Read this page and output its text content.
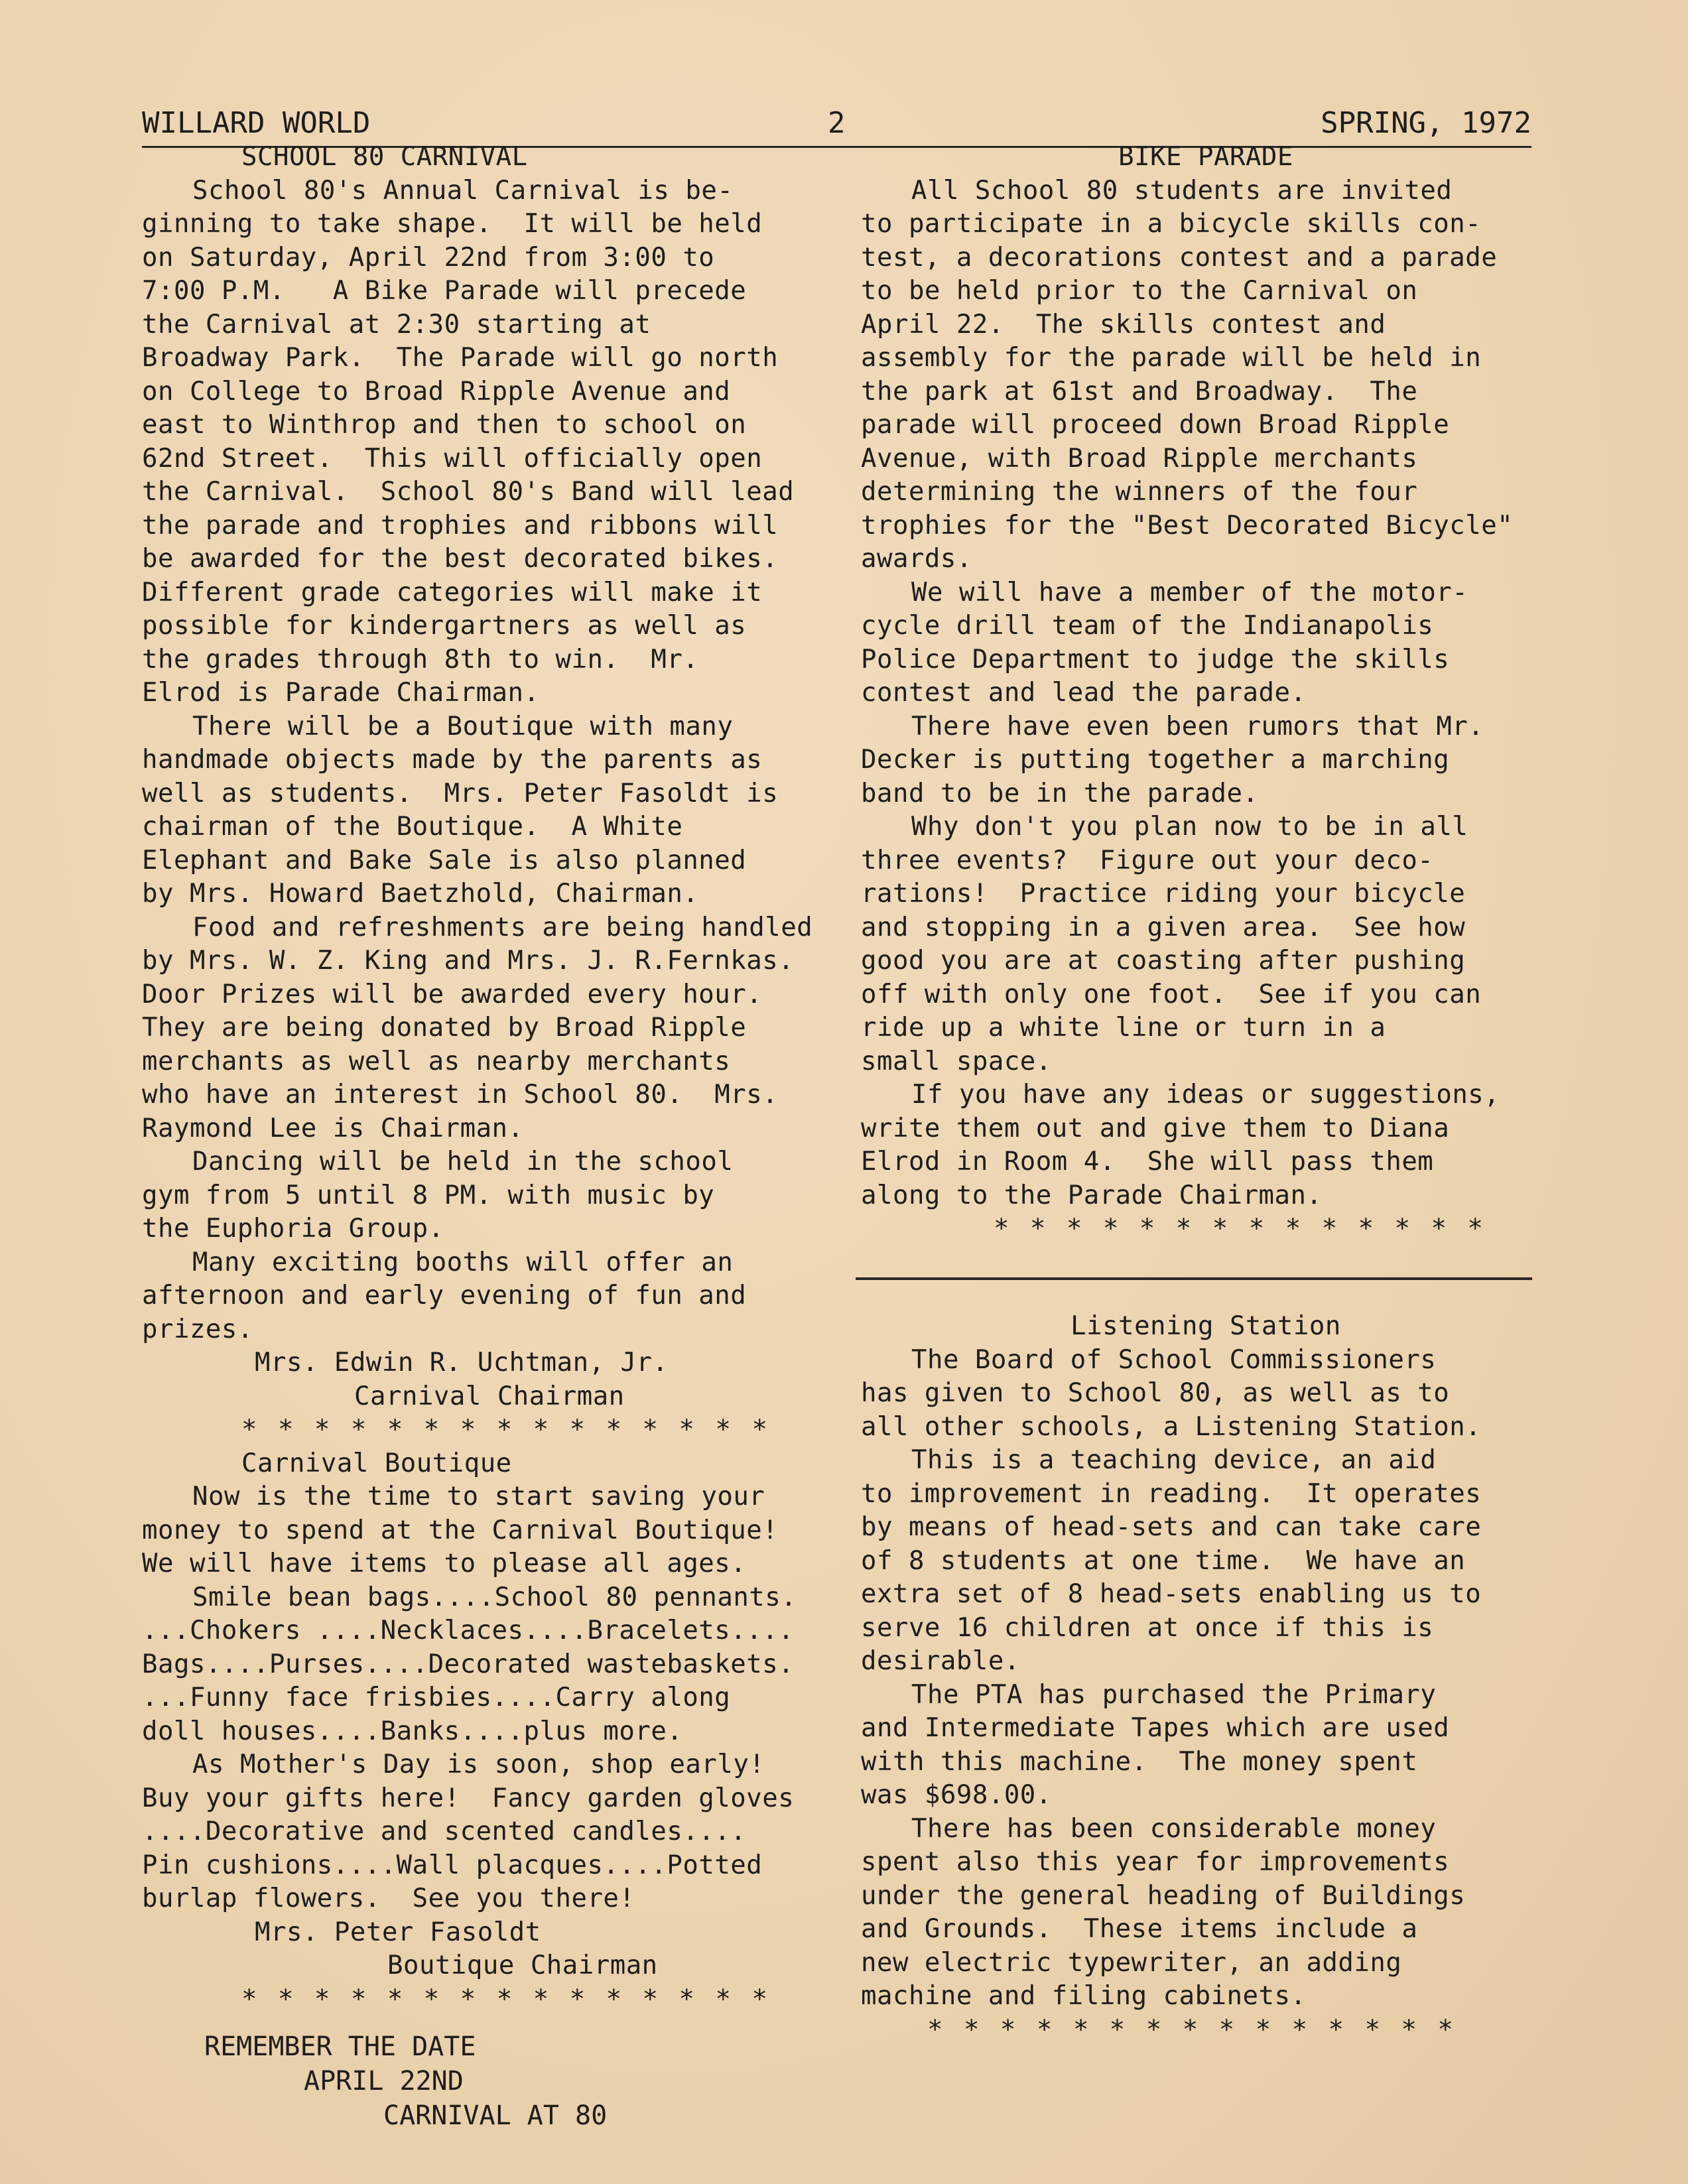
WILLARD WORLD	2	SPRING, 1972
SCHOOL 80 CARNIVAL
School 80's Annual Carnival is be-
ginning to take shape.  It will be held
on Saturday, April 22nd from 3:00 to
7:00 P.M.   A Bike Parade will precede
the Carnival at 2:30 starting at
Broadway Park.  The Parade will go north
on College to Broad Ripple Avenue and
east to Winthrop and then to school on
62nd Street.  This will officially open
the Carnival.  School 80's Band will lead
the parade and trophies and ribbons will
be awarded for the best decorated bikes.
Different grade categories will make it
possible for kindergartners as well as
the grades through 8th to win.  Mr.
Elrod is Parade Chairman.
There will be a Boutique with many
handmade objects made by the parents as
well as students.  Mrs. Peter Fasoldt is
chairman of the Boutique.  A White
Elephant and Bake Sale is also planned
by Mrs. Howard Baetzhold, Chairman.
Food and refreshments are being handled
by Mrs. W. Z. King and Mrs. J. R.Fernkas.
Door Prizes will be awarded every hour.
They are being donated by Broad Ripple
merchants as well as nearby merchants
who have an interest in School 80.  Mrs.
Raymond Lee is Chairman.
Dancing will be held in the school
gym from 5 until 8 PM. with music by
the Euphoria Group.
Many exciting booths will offer an
afternoon and early evening of fun and
prizes.
Mrs. Edwin R. Uchtman, Jr.
Carnival Chairman
* * * * * * * * * * * * * * *
Carnival Boutique
Now is the time to start saving your
money to spend at the Carnival Boutique!
We will have items to please all ages.
Smile bean bags....School 80 pennants.
...Chokers ....Necklaces....Bracelets....
Bags....Purses....Decorated wastebaskets.
...Funny face frisbies....Carry along
doll houses....Banks....plus more.
As Mother's Day is soon, shop early!
Buy your gifts here!  Fancy garden gloves
....Decorative and scented candles....
Pin cushions....Wall placques....Potted
burlap flowers.  See you there!
Mrs. Peter Fasoldt
Boutique Chairman
* * * * * * * * * * * * * * *
REMEMBER THE DATE
APRIL 22ND
CARNIVAL AT 80
BIKE PARADE
All School 80 students are invited
to participate in a bicycle skills con-
test, a decorations contest and a parade
to be held prior to the Carnival on
April 22.  The skills contest and
assembly for the parade will be held in
the park at 61st and Broadway.  The
parade will proceed down Broad Ripple
Avenue, with Broad Ripple merchants
determining the winners of the four
trophies for the "Best Decorated Bicycle"
awards.
We will have a member of the motor-
cycle drill team of the Indianapolis
Police Department to judge the skills
contest and lead the parade.
There have even been rumors that Mr.
Decker is putting together a marching
band to be in the parade.
Why don't you plan now to be in all
three events?  Figure out your deco-
rations!  Practice riding your bicycle
and stopping in a given area.  See how
good you are at coasting after pushing
off with only one foot.  See if you can
ride up a white line or turn in a
small space.
If you have any ideas or suggestions,
write them out and give them to Diana
Elrod in Room 4.  She will pass them
along to the Parade Chairman.
* * * * * * * * * * * * * *
Listening Station
The Board of School Commissioners
has given to School 80, as well as to
all other schools, a Listening Station.
This is a teaching device, an aid
to improvement in reading.  It operates
by means of head-sets and can take care
of 8 students at one time.  We have an
extra set of 8 head-sets enabling us to
serve 16 children at once if this is
desirable.
The PTA has purchased the Primary
and Intermediate Tapes which are used
with this machine.  The money spent
was $698.00.
There has been considerable money
spent also this year for improvements
under the general heading of Buildings
and Grounds.  These items include a
new electric typewriter, an adding
machine and filing cabinets.
* * * * * * * * * * * * * * *
